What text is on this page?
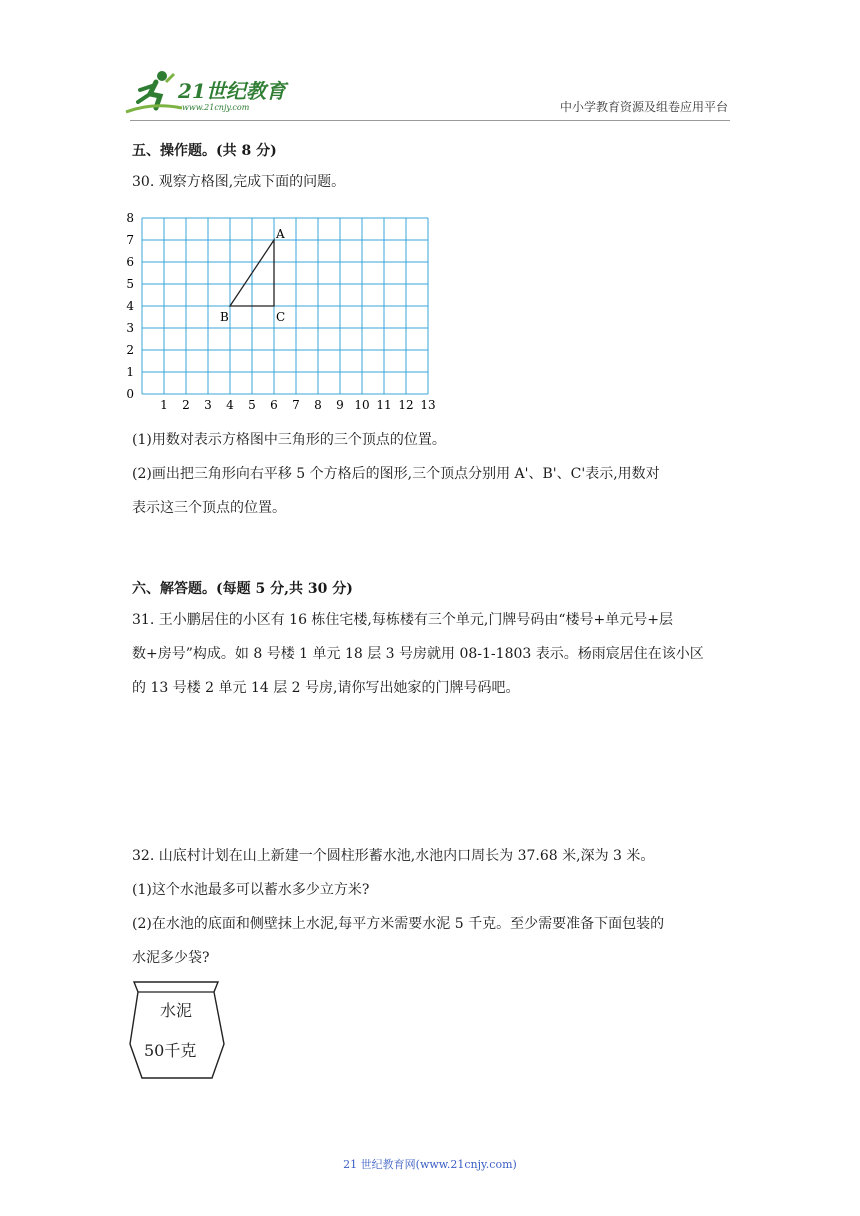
21世纪教育
www.21cnjy.com	中小学教育资源及组卷应用平台
五、操作题。(共 8 分)
30. 观察方格图,完成下面的问题。
1 2 3 4 5 6 7 8 9 10 11 12 13
0
1
2
3
4
5
6
7
8
A
B	C
(1)用数对表示方格图中三角形的三个顶点的位置。
(2)画出把三角形向右平移 5 个方格后的图形,三个顶点分别用 A'、B'、C'表示,用数对
表示这三个顶点的位置。
六、解答题。(每题 5 分,共 30 分)
31. 王小鹏居住的小区有 16 栋住宅楼,每栋楼有三个单元,门牌号码由“楼号+单元号+层
数+房号”构成。如 8 号楼 1 单元 18 层 3 号房就用 08-1-1803 表示。杨雨宸居住在该小区
的 13 号楼 2 单元 14 层 2 号房,请你写出她家的门牌号码吧。
32. 山底村计划在山上新建一个圆柱形蓄水池,水池内口周长为 37.68 米,深为 3 米。
(1)这个水池最多可以蓄水多少立方米?
(2)在水池的底面和侧壁抹上水泥,每平方米需要水泥 5 千克。至少需要准备下面包装的
水泥多少袋?
水泥
50千克
21 世纪教育网(www.21cnjy.com)
